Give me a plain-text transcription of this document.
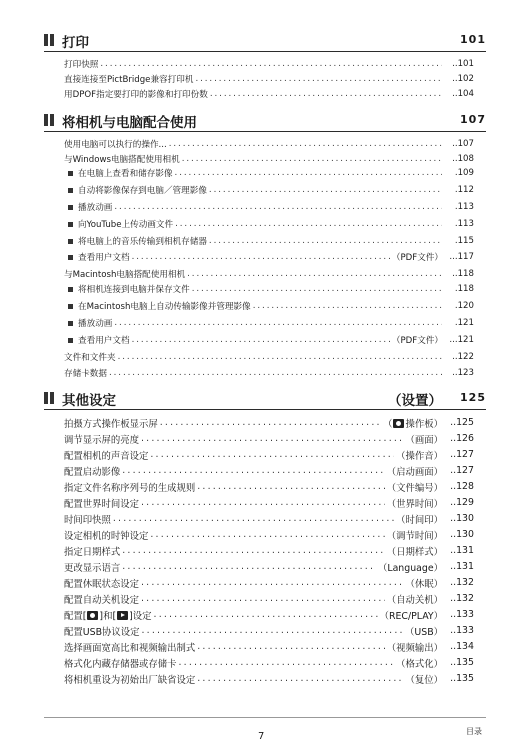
打印	101
打印快照 . . .	..101
直接连接至PictBridge兼容打印机 . . .	..102
用DPOF指定要打印的影像和打印份数 . . .	..104
将相机与电脑配合使用	107
使用电脑可以执行的操作... . . .	..107
与Windows电脑搭配使用相机 . . .	..108
在电脑上查看和储存影像 . . .	.109
自动将影像保存到电脑／管理影像 . . .	.112
播放动画 . . .	.113
向YouTube上传动画文件 . . .	.113
将电脑上的音乐传输到相机存储器 . . .	.115
查看用户文档 . . .	（PDF文件） ...117
与Macintosh电脑搭配使用相机 . . .	..118
将相机连接到电脑并保存文件 . . .	.118
在Macintosh电脑上自动传输影像并管理影像 . . .	.120
播放动画 . . .	.121
查看用户文档 . . .	（PDF文件） ...121
文件和文件夹 . . .	..122
存储卡数据 . . .	..123
其他设定	（设置） 125
拍摄方式操作板显示屏 . . .	（ 操作板） ..125
调节显示屏的亮度 . . .	（画面） ..126
配置相机的声音设定 . . .	（操作音） ..127
配置启动影像 . . .	（启动画面） ..127
指定文件名称序列号的生成规则 . . .	（文件编号） ..128
配置世界时间设定 . . .	（世界时间） ..129
时间印快照 . . .	（时间印） ..130
设定相机的时钟设定 . . .	（调节时间） ..130
指定日期样式 . . .	（日期样式） ..131
更改显示语言 . . .	（Language） ..131
配置休眠状态设定 . . .	（休眠） ..132
配置自动关机设定 . . .	（自动关机） ..132
配置[ ]和[ ]设定 . . .	（REC/PLAY） ..133
配置USB协议设定 . . .	（USB） ..133
选择画面宽高比和视频输出制式 . . .	（视频输出） ..134
格式化内藏存储器或存储卡 . . .	（格式化） ..135
将相机重设为初始出厂缺省设定 . . .	（复位） ..135
7	目录
